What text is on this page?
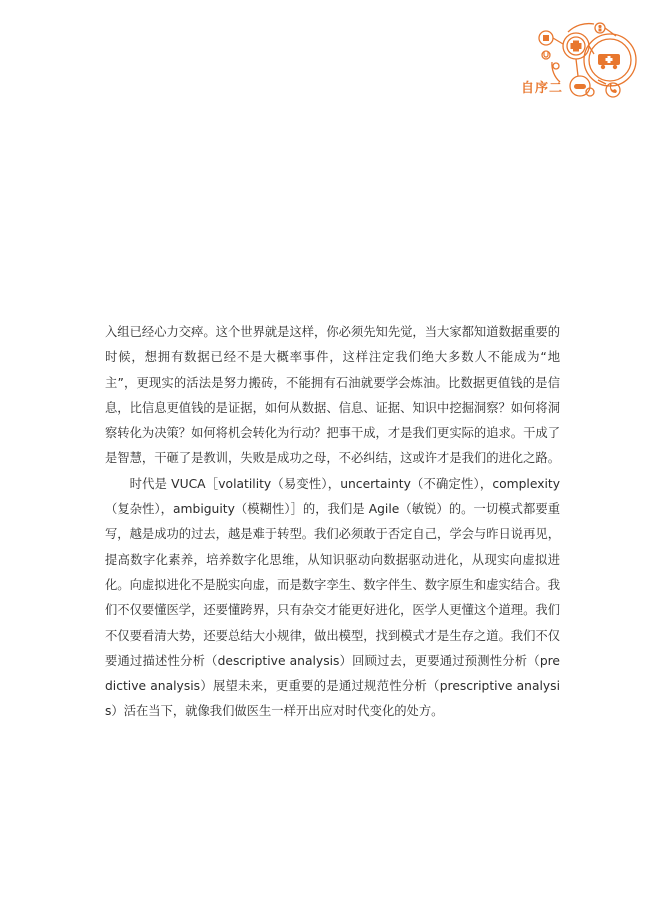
自序二

入组已经心力交瘁。这个世界就是这样，你必须先知先觉，当大家都知道数据重要的时候，想拥有数据已经不是大概率事件，这样注定我们绝大多数人不能成为“地主”，更现实的活法是努力搬砖，不能拥有石油就要学会炼油。比数据更值钱的是信息，比信息更值钱的是证据，如何从数据、信息、证据、知识中挖掘洞察？如何将洞察转化为决策？如何将机会转化为行动？把事干成，才是我们更实际的追求。干成了是智慧，干砸了是教训，失败是成功之母，不必纠结，这或许才是我们的进化之路。

时代是 VUCA［volatility（易变性），uncertainty（不确定性），complexity（复杂性），ambiguity（模糊性）］的，我们是 Agile（敏锐）的。一切模式都要重写，越是成功的过去，越是难于转型。我们必须敢于否定自己，学会与昨日说再见，提高数字化素养，培养数字化思维，从知识驱动向数据驱动进化，从现实向虚拟进化。向虚拟进化不是脱实向虚，而是数字孪生、数字伴生、数字原生和虚实结合。我们不仅要懂医学，还要懂跨界，只有杂交才能更好进化，医学人更懂这个道理。我们不仅要看清大势，还要总结大小规律，做出模型，找到模式才是生存之道。我们不仅要通过描述性分析（descriptive analysis）回顾过去，更要通过预测性分析（predictive analysis）展望未来，更重要的是通过规范性分析（prescriptive analysis）活在当下，就像我们做医生一样开出应对时代变化的处方。
